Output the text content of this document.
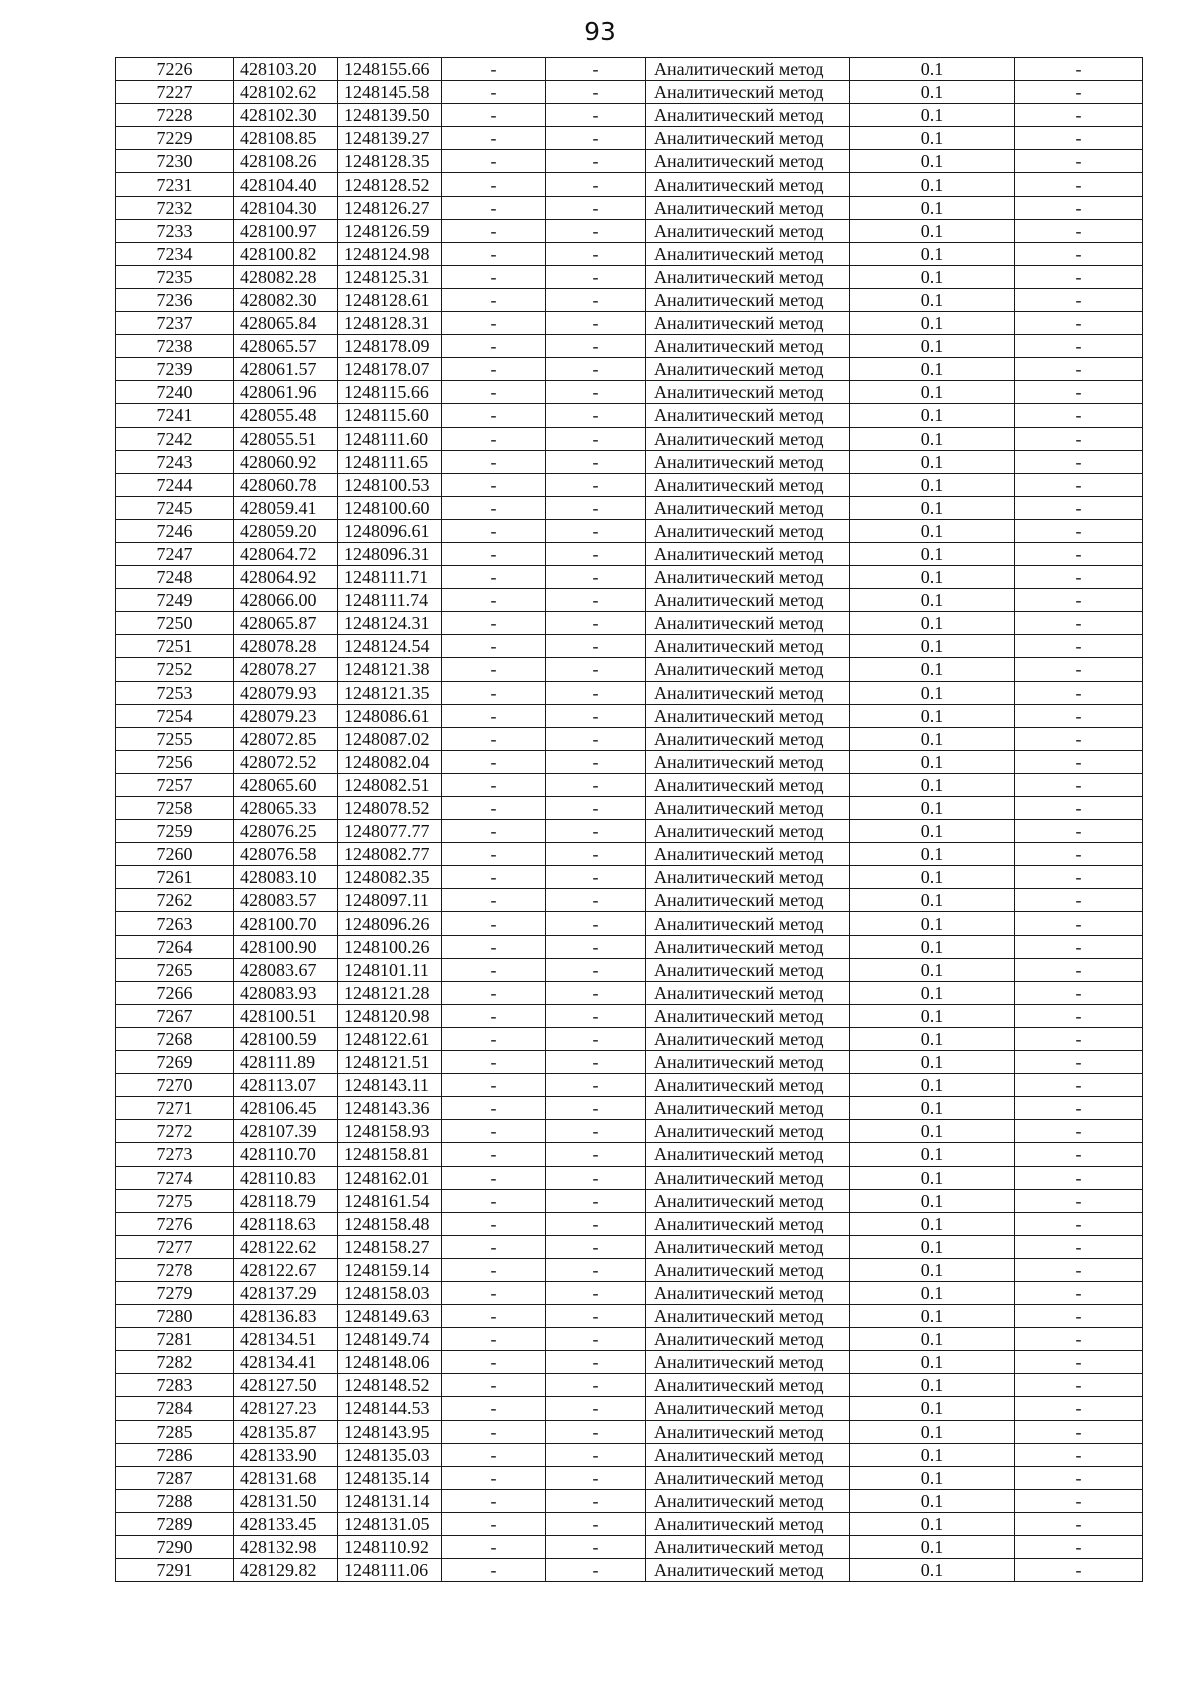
93
7226	428103.20	1248155.66	-	-	Аналитический метод	0.1	-
7227	428102.62	1248145.58	-	-	Аналитический метод	0.1	-
7228	428102.30	1248139.50	-	-	Аналитический метод	0.1	-
7229	428108.85	1248139.27	-	-	Аналитический метод	0.1	-
7230	428108.26	1248128.35	-	-	Аналитический метод	0.1	-
7231	428104.40	1248128.52	-	-	Аналитический метод	0.1	-
7232	428104.30	1248126.27	-	-	Аналитический метод	0.1	-
7233	428100.97	1248126.59	-	-	Аналитический метод	0.1	-
7234	428100.82	1248124.98	-	-	Аналитический метод	0.1	-
7235	428082.28	1248125.31	-	-	Аналитический метод	0.1	-
7236	428082.30	1248128.61	-	-	Аналитический метод	0.1	-
7237	428065.84	1248128.31	-	-	Аналитический метод	0.1	-
7238	428065.57	1248178.09	-	-	Аналитический метод	0.1	-
7239	428061.57	1248178.07	-	-	Аналитический метод	0.1	-
7240	428061.96	1248115.66	-	-	Аналитический метод	0.1	-
7241	428055.48	1248115.60	-	-	Аналитический метод	0.1	-
7242	428055.51	1248111.60	-	-	Аналитический метод	0.1	-
7243	428060.92	1248111.65	-	-	Аналитический метод	0.1	-
7244	428060.78	1248100.53	-	-	Аналитический метод	0.1	-
7245	428059.41	1248100.60	-	-	Аналитический метод	0.1	-
7246	428059.20	1248096.61	-	-	Аналитический метод	0.1	-
7247	428064.72	1248096.31	-	-	Аналитический метод	0.1	-
7248	428064.92	1248111.71	-	-	Аналитический метод	0.1	-
7249	428066.00	1248111.74	-	-	Аналитический метод	0.1	-
7250	428065.87	1248124.31	-	-	Аналитический метод	0.1	-
7251	428078.28	1248124.54	-	-	Аналитический метод	0.1	-
7252	428078.27	1248121.38	-	-	Аналитический метод	0.1	-
7253	428079.93	1248121.35	-	-	Аналитический метод	0.1	-
7254	428079.23	1248086.61	-	-	Аналитический метод	0.1	-
7255	428072.85	1248087.02	-	-	Аналитический метод	0.1	-
7256	428072.52	1248082.04	-	-	Аналитический метод	0.1	-
7257	428065.60	1248082.51	-	-	Аналитический метод	0.1	-
7258	428065.33	1248078.52	-	-	Аналитический метод	0.1	-
7259	428076.25	1248077.77	-	-	Аналитический метод	0.1	-
7260	428076.58	1248082.77	-	-	Аналитический метод	0.1	-
7261	428083.10	1248082.35	-	-	Аналитический метод	0.1	-
7262	428083.57	1248097.11	-	-	Аналитический метод	0.1	-
7263	428100.70	1248096.26	-	-	Аналитический метод	0.1	-
7264	428100.90	1248100.26	-	-	Аналитический метод	0.1	-
7265	428083.67	1248101.11	-	-	Аналитический метод	0.1	-
7266	428083.93	1248121.28	-	-	Аналитический метод	0.1	-
7267	428100.51	1248120.98	-	-	Аналитический метод	0.1	-
7268	428100.59	1248122.61	-	-	Аналитический метод	0.1	-
7269	428111.89	1248121.51	-	-	Аналитический метод	0.1	-
7270	428113.07	1248143.11	-	-	Аналитический метод	0.1	-
7271	428106.45	1248143.36	-	-	Аналитический метод	0.1	-
7272	428107.39	1248158.93	-	-	Аналитический метод	0.1	-
7273	428110.70	1248158.81	-	-	Аналитический метод	0.1	-
7274	428110.83	1248162.01	-	-	Аналитический метод	0.1	-
7275	428118.79	1248161.54	-	-	Аналитический метод	0.1	-
7276	428118.63	1248158.48	-	-	Аналитический метод	0.1	-
7277	428122.62	1248158.27	-	-	Аналитический метод	0.1	-
7278	428122.67	1248159.14	-	-	Аналитический метод	0.1	-
7279	428137.29	1248158.03	-	-	Аналитический метод	0.1	-
7280	428136.83	1248149.63	-	-	Аналитический метод	0.1	-
7281	428134.51	1248149.74	-	-	Аналитический метод	0.1	-
7282	428134.41	1248148.06	-	-	Аналитический метод	0.1	-
7283	428127.50	1248148.52	-	-	Аналитический метод	0.1	-
7284	428127.23	1248144.53	-	-	Аналитический метод	0.1	-
7285	428135.87	1248143.95	-	-	Аналитический метод	0.1	-
7286	428133.90	1248135.03	-	-	Аналитический метод	0.1	-
7287	428131.68	1248135.14	-	-	Аналитический метод	0.1	-
7288	428131.50	1248131.14	-	-	Аналитический метод	0.1	-
7289	428133.45	1248131.05	-	-	Аналитический метод	0.1	-
7290	428132.98	1248110.92	-	-	Аналитический метод	0.1	-
7291	428129.82	1248111.06	-	-	Аналитический метод	0.1	-
